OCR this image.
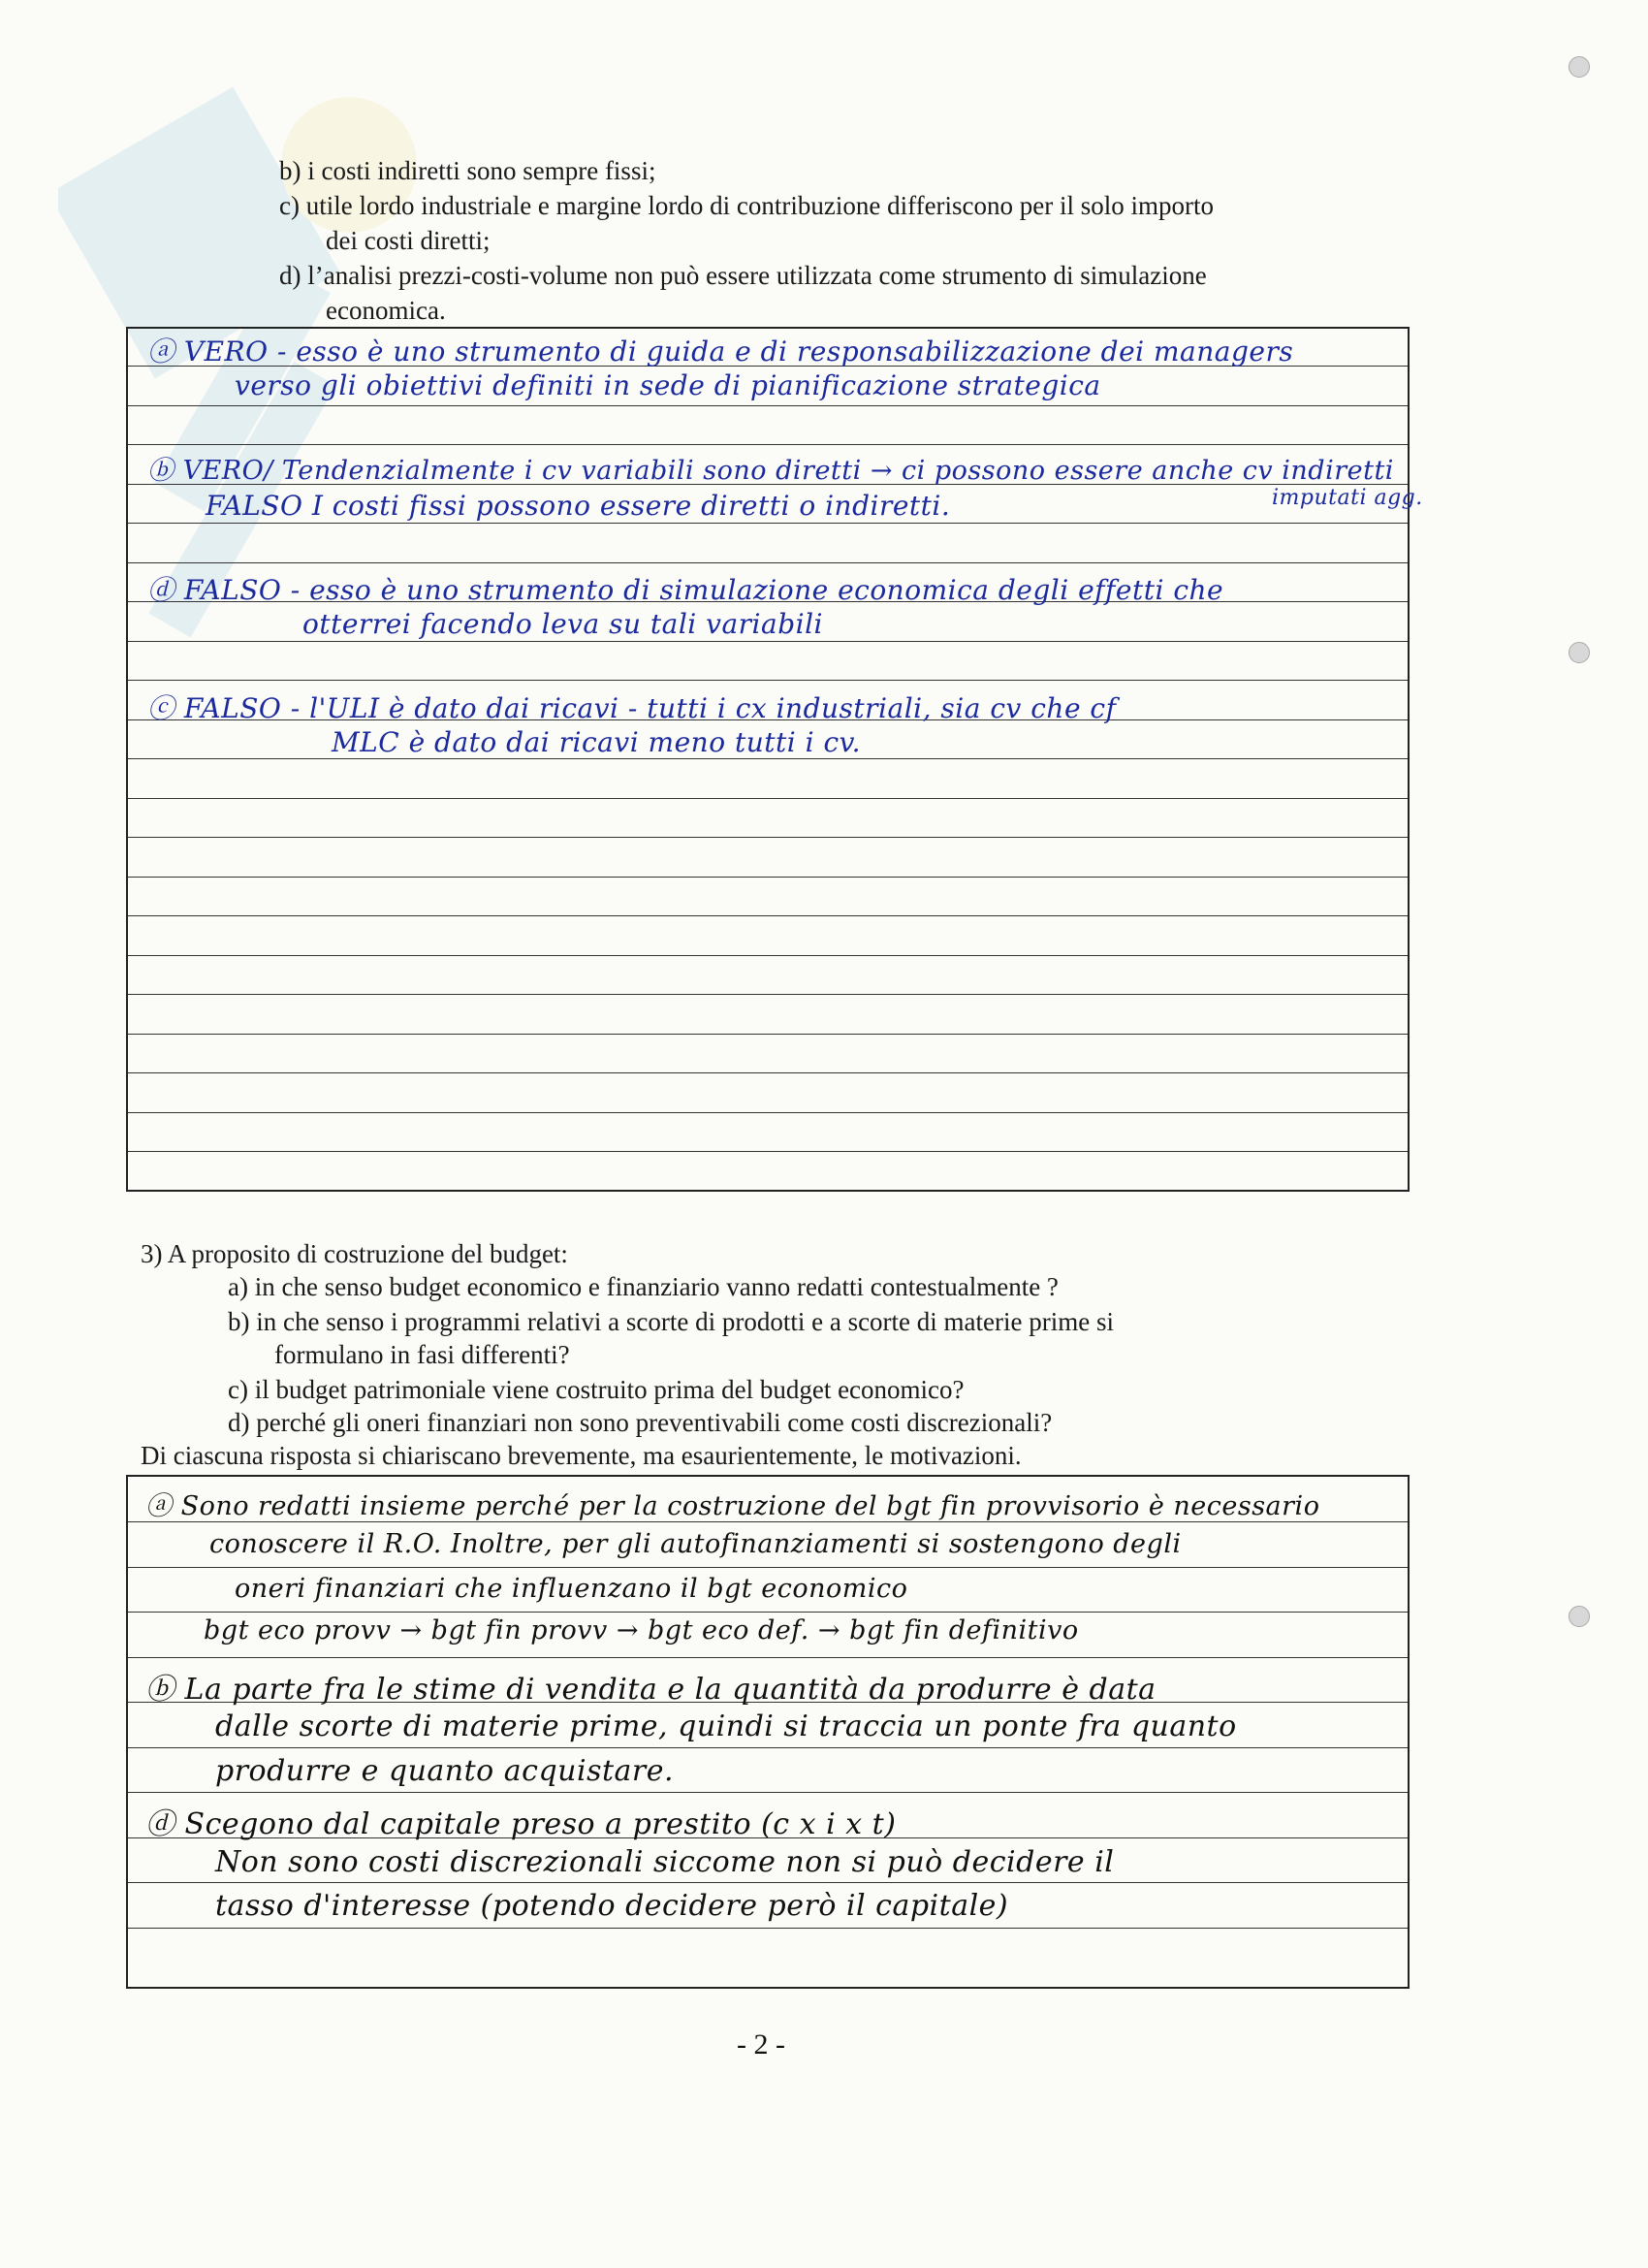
b) i costi indiretti sono sempre fissi;
c) utile lordo industriale e margine lordo di contribuzione differiscono per il solo importo
dei costi diretti;
d) l’analisi prezzi-costi-volume non può essere utilizzata come strumento di simulazione
economica.
ⓐ VERO - esso è uno strumento di guida e di responsabilizzazione dei managers
verso gli obiettivi definiti in sede di pianificazione strategica
ⓑ VERO/ Tendenzialmente i cv variabili sono diretti → ci possono essere anche cv indiretti
imputati agg.
FALSO I costi fissi possono essere diretti o indiretti.
ⓓ FALSO - esso è uno strumento di simulazione economica degli effetti che
otterrei facendo leva su tali variabili
ⓒ FALSO - l'ULI è dato dai ricavi - tutti i cx industriali, sia cv che cf
MLC è dato dai ricavi meno tutti i cv.
3) A proposito di costruzione del budget:
a) in che senso budget economico e finanziario vanno redatti contestualmente ?
b) in che senso i programmi relativi a scorte di prodotti e a scorte di materie prime si
formulano in fasi differenti?
c) il budget patrimoniale viene costruito prima del budget economico?
d) perché gli oneri finanziari non sono preventivabili come costi discrezionali?
Di ciascuna risposta si chiariscano brevemente, ma esaurientemente, le motivazioni.
ⓐ Sono redatti insieme perché per la costruzione del bgt fin provvisorio è necessario
conoscere il R.O. Inoltre, per gli autofinanziamenti si sostengono degli
oneri finanziari che influenzano il bgt economico
bgt eco provv → bgt fin provv → bgt eco def. → bgt fin definitivo
ⓑ La parte fra le stime di vendita e la quantità da produrre è data
dalle scorte di materie prime, quindi si traccia un ponte fra quanto
produrre e quanto acquistare.
ⓓ Scegono dal capitale preso a prestito (c x i x t)
Non sono costi discrezionali siccome non si può decidere il
tasso d'interesse (potendo decidere però il capitale)
- 2 -
